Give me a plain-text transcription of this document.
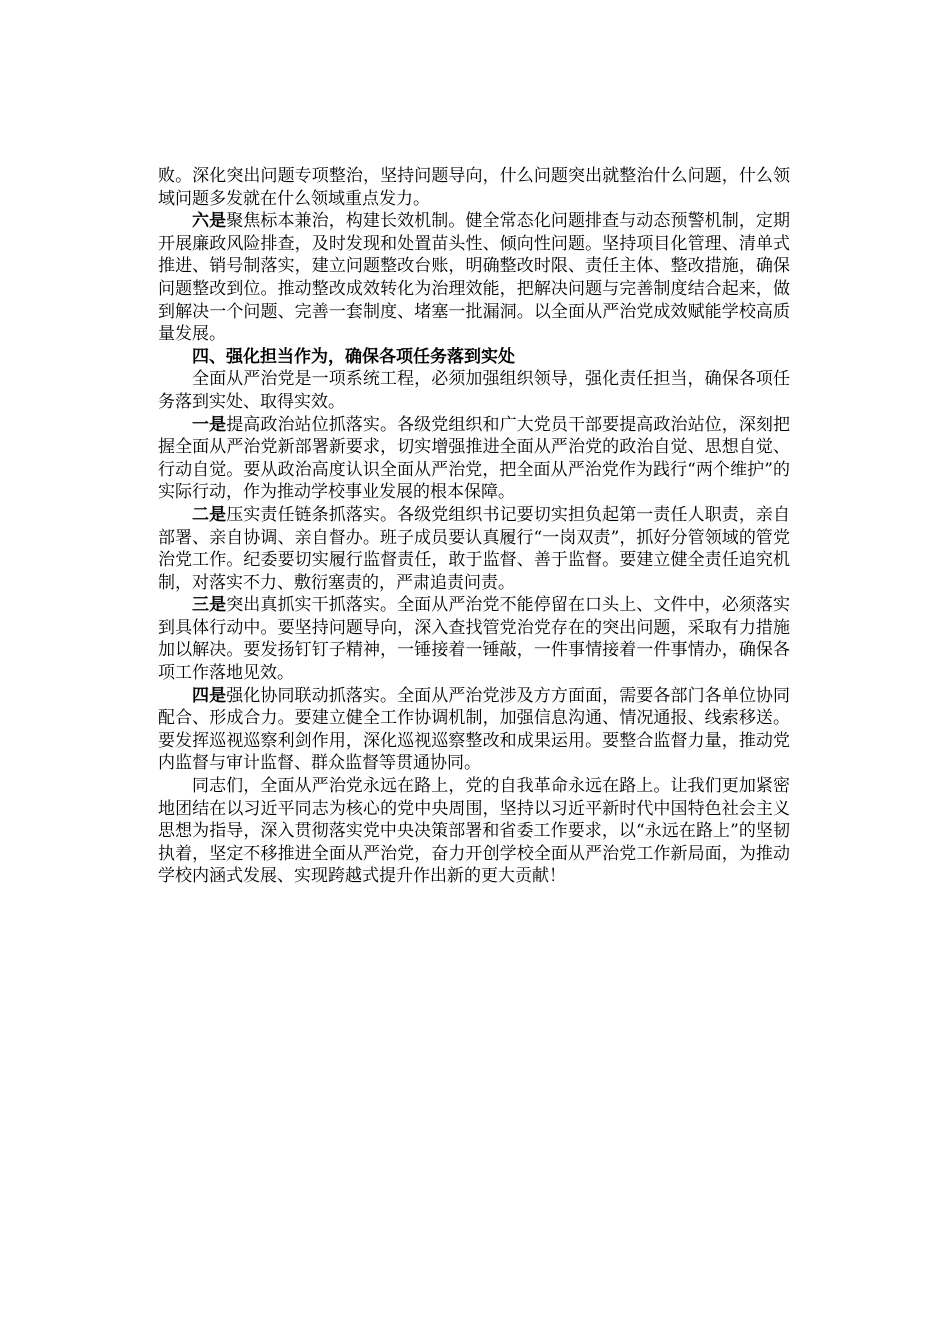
败。深化突出问题专项整治，坚持问题导向，什么问题突出就整治什么问题，什么领域问题多发就在什么领域重点发力。

六是聚焦标本兼治，构建长效机制。健全常态化问题排查与动态预警机制，定期开展廉政风险排查，及时发现和处置苗头性、倾向性问题。坚持项目化管理、清单式推进、销号制落实，建立问题整改台账，明确整改时限、责任主体、整改措施，确保问题整改到位。推动整改成效转化为治理效能，把解决问题与完善制度结合起来，做到解决一个问题、完善一套制度、堵塞一批漏洞。以全面从严治党成效赋能学校高质量发展。

四、强化担当作为，确保各项任务落到实处

全面从严治党是一项系统工程，必须加强组织领导，强化责任担当，确保各项任务落到实处、取得实效。

一是提高政治站位抓落实。各级党组织和广大党员干部要提高政治站位，深刻把握全面从严治党新部署新要求，切实增强推进全面从严治党的政治自觉、思想自觉、行动自觉。要从政治高度认识全面从严治党，把全面从严治党作为践行“两个维护”的实际行动，作为推动学校事业发展的根本保障。

二是压实责任链条抓落实。各级党组织书记要切实担负起第一责任人职责，亲自部署、亲自协调、亲自督办。班子成员要认真履行“一岗双责”，抓好分管领域的管党治党工作。纪委要切实履行监督责任，敢于监督、善于监督。要建立健全责任追究机制，对落实不力、敷衍塞责的，严肃追责问责。

三是突出真抓实干抓落实。全面从严治党不能停留在口头上、文件中，必须落实到具体行动中。要坚持问题导向，深入查找管党治党存在的突出问题，采取有力措施加以解决。要发扬钉钉子精神，一锤接着一锤敲，一件事情接着一件事情办，确保各项工作落地见效。

四是强化协同联动抓落实。全面从严治党涉及方方面面，需要各部门各单位协同配合、形成合力。要建立健全工作协调机制，加强信息沟通、情况通报、线索移送。要发挥巡视巡察利剑作用，深化巡视巡察整改和成果运用。要整合监督力量，推动党内监督与审计监督、群众监督等贯通协同。

同志们，全面从严治党永远在路上，党的自我革命永远在路上。让我们更加紧密地团结在以习近平同志为核心的党中央周围，坚持以习近平新时代中国特色社会主义思想为指导，深入贯彻落实党中央决策部署和省委工作要求，以“永远在路上”的坚韧执着，坚定不移推进全面从严治党，奋力开创学校全面从严治党工作新局面，为推动学校内涵式发展、实现跨越式提升作出新的更大贡献！
